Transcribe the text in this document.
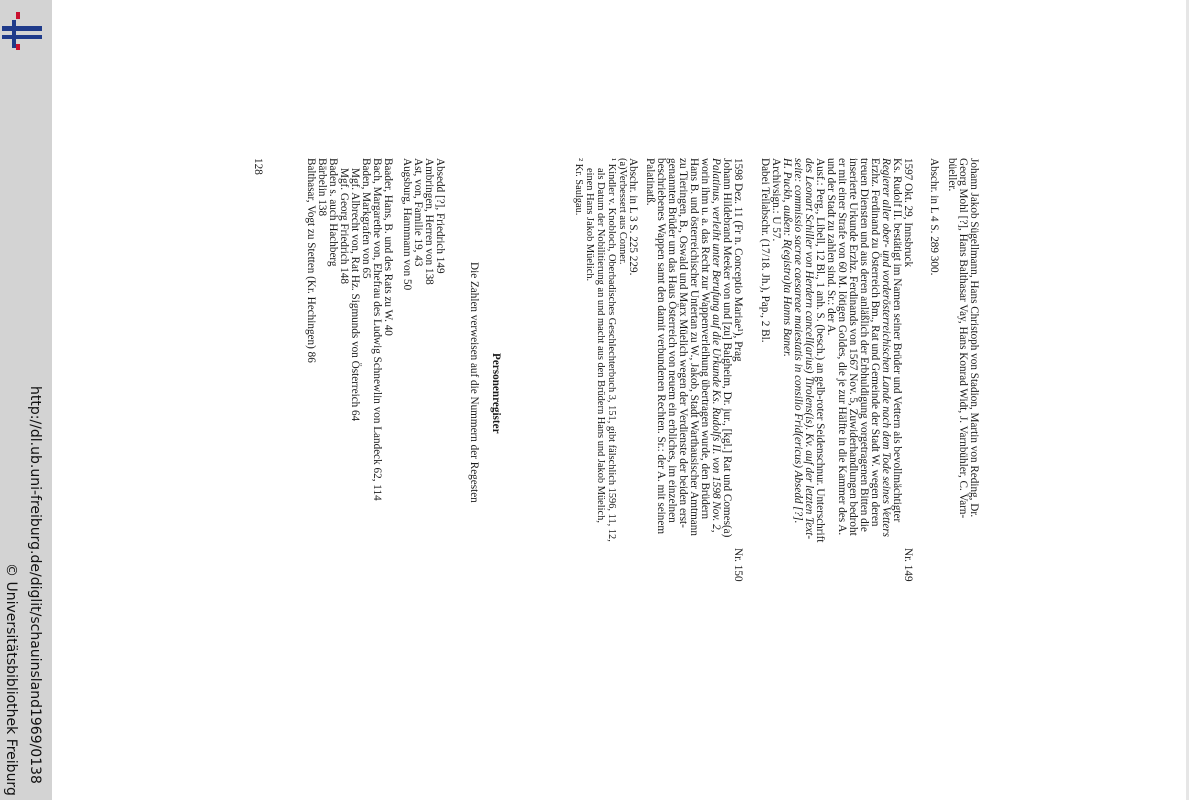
http://dl.ub.uni-freiburg.de/diglit/schauinsland1969/0138
© Universitätsbibliothek Freiburg
Johann Jakob Sügellmann, Hans Christoph von Stadion, Martin von Reding, Dr.
Georg Mohl [?], Hans Balthasar Vay, Hans Konrad Widt, J. Varnbühler, C. Varn-
büeller.
Abschr. in L 4 S. 289 300.
1597 Okt. 29, Innsbruck
Nr. 149
Ks. Rudolf II. bestätigt im Namen seiner Brüder und Vettern als bevollmächtigter
Regierer aller ober- und vorderösterreichischen Lande nach dem Tode seines Vetters
Erzhz. Ferdinand zu Österreich Bm., Rat und Gemeinde der Stadt W. wegen deren
treuen Diensten und aus deren anläßlich der Erbhuldigung vorgetragenen Bitten die
inserierte Urkunde Erzhz. Ferdinands von 1567 Nov. 5, Zuwiderhandlungen bedroht
er mit einer Strafe von 60 M. lötigen Goldes, die je zur Hälfte in die Kammer des A.
und der Stadt zu zahlen sind. Sr.: der A.
Ausf.: Perg., Libell, 12 Bl., 1 anh. S. (besch.) an gelb-roter Seidenschnur. Unterschrift
des Leonart Schiller von Herdern cancell(arius) Tirolens(is). Kv. auf der letzten Text-
seite: commissio sacrae caesareae maiestatis in consilio Frid(ericus) Absedd [?].
H. Puckh, außen: R(egistra)ta Hanns Baner.
Archivsign.: U 57.
Dabei Teilabschr. (17/18. Jh.), Pap., 2 Bl.
1598 Dez. 11 (Fr n. Conceptio Mariae¹), Prag
Nr. 150
Johann Hildebrand Meeker von und [zu] Balgheim, Dr. jur., [kgl.] Rat und Comes(a)
Palatinus, verleiht unter Berufung auf die Urkunde Ks. Rudolfs II. von 1598 Nov. 2,
worin ihm u. a. das Recht zur Wappenverleihung übertragen wurde, den Brüdern
Hans B. und österreichischer Untertan zu W., Jakob, Stadt Warthausischer Amtmann
zu Tieringen, B., Oswald und Marx Müelich wegen der Verdienste der beiden erst-
genannten Brüder um das Haus Österreich von neuem ein erbliches, im einzelnen
beschriebenes Wappen samt den damit verbundenen Rechten. Sr.: der A. mit seinem
Palatinatß.
Abschr. in L 3 S. 225 229.
(a)Verbessert aus Conner.
¹ Kindler v. Knobloch, Oberbadisches Geschlechterbuch 3, 151, gibt fälschlich 1596, 11, 12,
als Datum der Nobilitierung an und macht aus den Brüdern Hans und Jakob Müelich,
einen Hans Jakob Müelich.
² Kr. Saulgau.
Personenregister
Die Zahlen verweisen auf die Nummern der Regesten
Absedd [?], Friedrich 149
Ambringen, Herren von 138
Ast, von, Familie 19, 43
Augsburg, Hannmann von 50
Baader, Hans, B. und des Rats zu W. 40
Bach, Margarethe von, Ehefrau des Ludwig Schnewlin von Landeck 62, 114
Baden, Markgrafen von 65
Mgf. Albrecht von, Rat Hz. Sigmunds von Österreich 64
Mgf. Georg Friedrich 148
Baden s. auch Hachberg
Bärbelin 138
Balthasar, Vogt zu Stetten (Kr. Hechingen) 86
128
